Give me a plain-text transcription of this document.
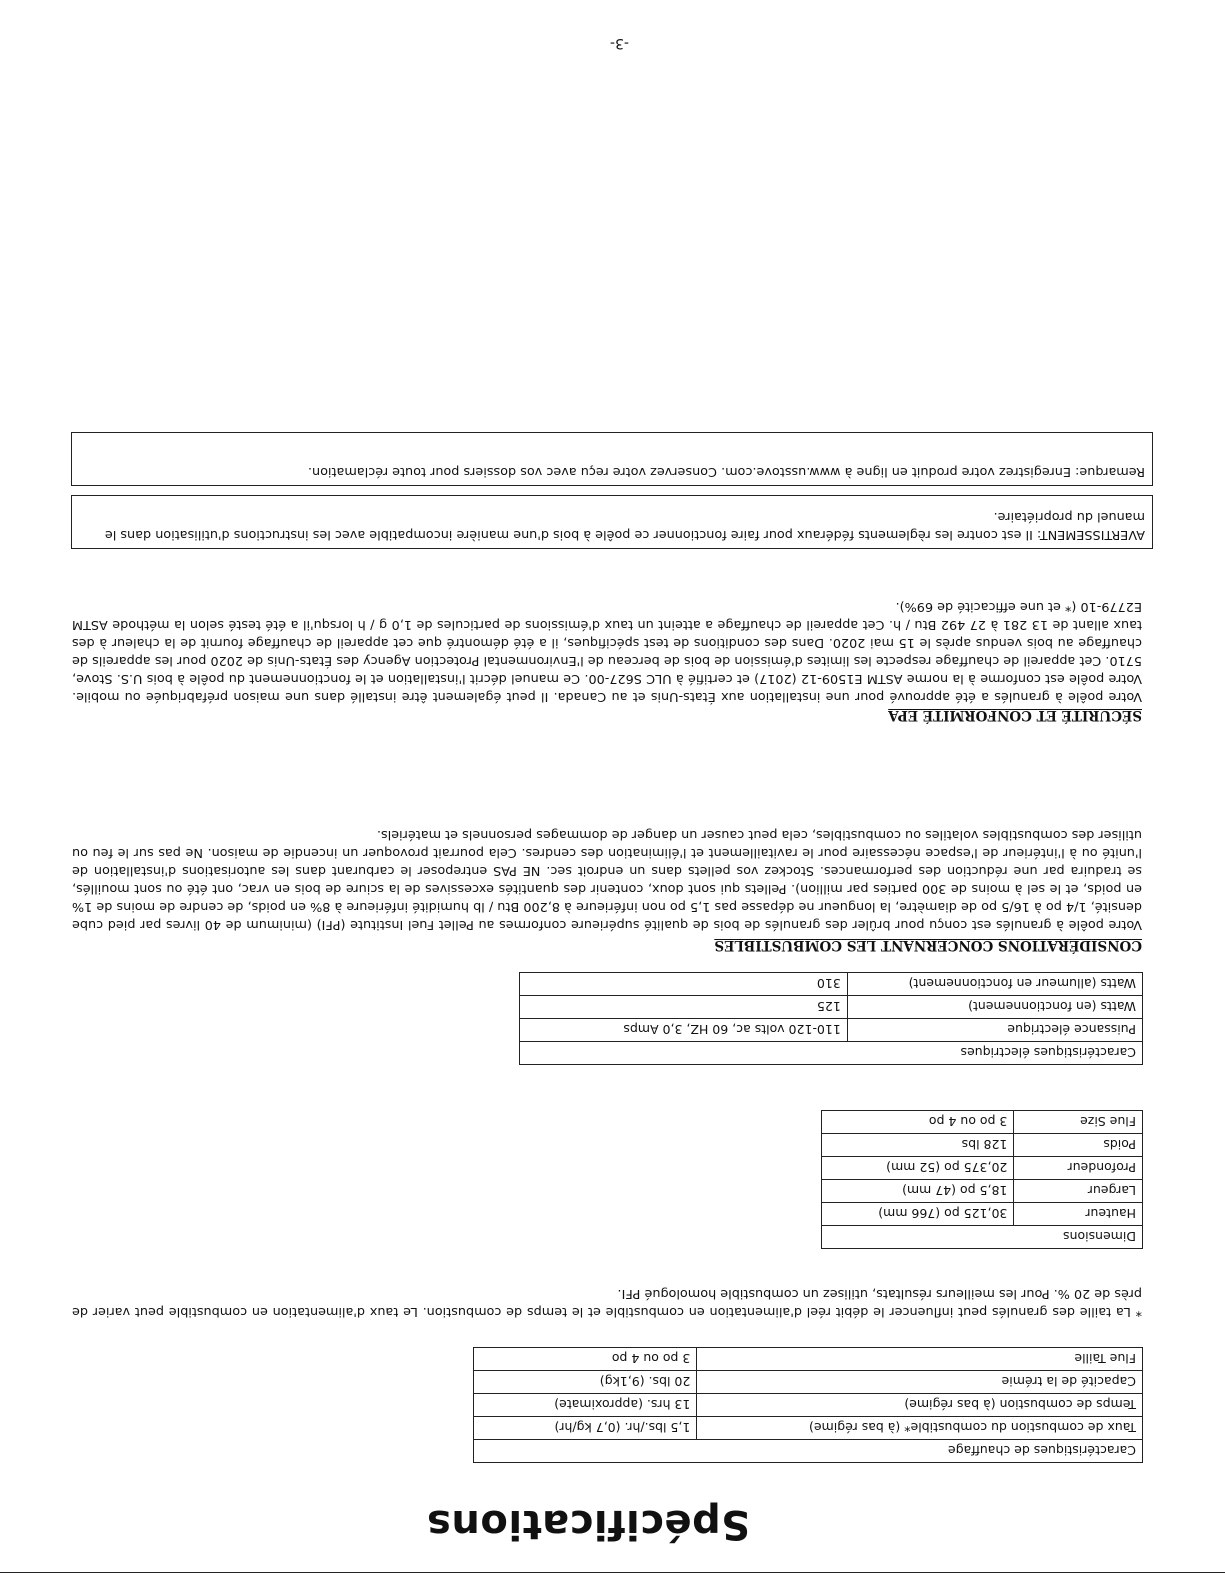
Spécifications
Caractéristiques de chauffage	
Taux de combustion du combustible* (à bas régime)	1,5 lbs./hr. (0,7 kg/hr)
Temps de combustion (à bas régime)	13 hrs. (approximate)
Capacité de la trémie	20 lbs. (9,1kg)
Flue Taille	3 po ou 4 po
* La taille des granulés peut influencer le débit réel d'alimentation en combustible et le temps de combustion. Le taux d'alimentation en combustible peut varier de près de 20 %. Pour les meilleurs résultats, utilisez un combustible homologué PFI.
Dimensions	
Hauteur	30,125 po (766 mm)
Largeur	18,5 po (47 mm)
Profondeur	20,375 po (52 mm)
Poids	128 lbs
Flue Size	3 po ou 4 po
Caractéristiques électriques	
Puissance électrique	110-120 volts ac, 60 HZ, 3,0 Amps
Watts (en fonctionnement)	125
Watts (allumeur en fonctionnement)	310
CONSIDÉRATIONS CONCERNANT LES COMBUSTIBLES
Votre poêle à granulés est conçu pour brûler des granulés de bois de qualité supérieure conformes au Pellet Fuel Institute (PFI) (minimum de 40 livres par pied cube densité, 1/4 po à 16/5 po de diamètre, la longueur ne dépasse pas 1,5 po non inférieure à 8,200 Btu / lb humidité inférieure à 8% en poids, de cendre de moins de 1% en poids, et le sel à moins de 300 parties par million). Pellets qui sont doux, contenir des quantités excessives de la sciure de bois en vrac, ont été ou sont mouillés, se traduira par une réduction des performances. Stockez vos pellets dans un endroit sec. NE PAS entreposer le carburant dans les autorisations d'installation de l'unité ou à l'intérieur de l'espace nécessaire pour le ravitaillement et l'élimination des cendres. Cela pourrait provoquer un incendie de maison. Ne pas sur le feu ou utiliser des combustibles volatiles ou combustibles, cela peut causer un danger de dommages personnels et matériels.
SÉCURITÉ ET CONFORMITÉ EPA
Votre poêle à granulés a été approuvé pour une installation aux États-Unis et au Canada. Il peut également être installé dans une maison préfabriquée ou mobile. Votre poêle est conforme à la norme ASTM E1509-12 (2017) et certifié à ULC S627-00. Ce manuel décrit l'installation et le fonctionnement du poêle à bois U.S. Stove, 5710. Cet appareil de chauffage respecte les limites d'émission de bois de berceau de l'Environmental Protection Agency des États-Unis de 2020 pour les appareils de chauffage au bois vendus après le 15 mai 2020. Dans des conditions de test spécifiques, il a été démontré que cet appareil de chauffage fournit de la chaleur à des taux allant de 13 281 à 27 492 Btu / h. Cet appareil de chauffage a atteint un taux d'émissions de particules de 1,0 g / h lorsqu'il a été testé selon la méthode ASTM E2779-10 (* et une efficacité de 69%).
AVERTISSEMENT: Il est contre les règlements fédéraux pour faire fonctionner ce poêle à bois d'une manière incompatible avec les instructions d'utilisation dans le manuel du propriétaire.
Remarque: Enregistrez votre produit en ligne à www.usstove.com. Conservez votre reçu avec vos dossiers pour toute réclamation.
-3-
